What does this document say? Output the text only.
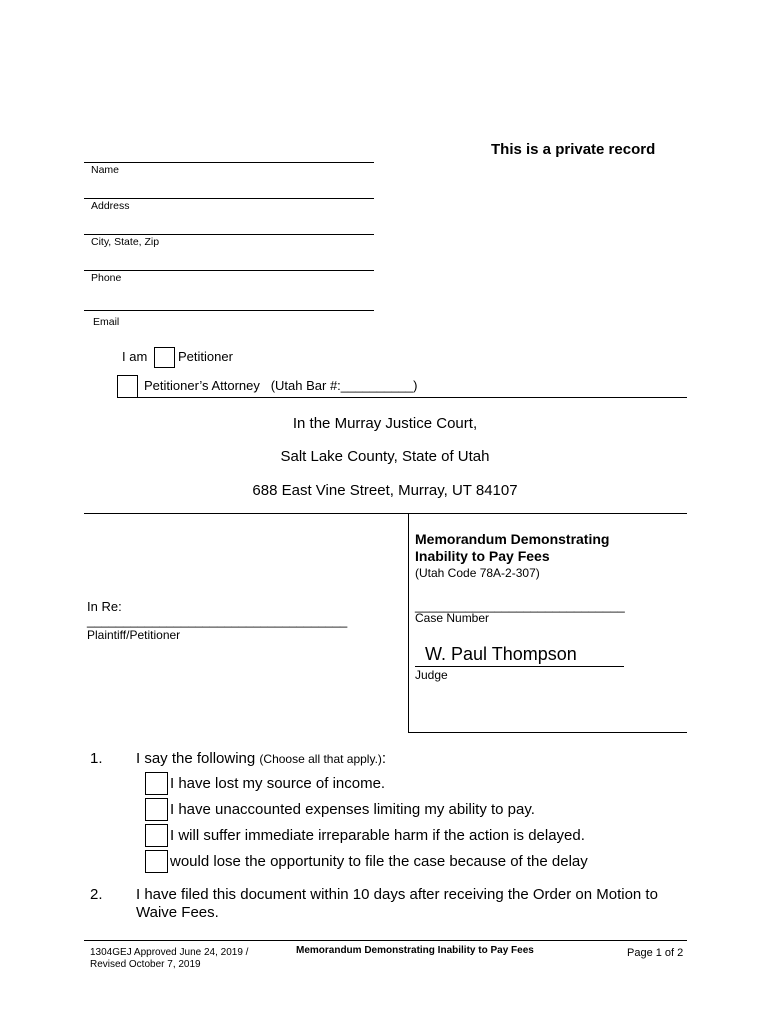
This is a private record
Name
Address
City, State, Zip
Phone
Email
I am Petitioner
Petitioner’s Attorney   (Utah Bar #:__________)
In the Murray Justice Court,
Salt Lake County, State of Utah
688 East Vine Street, Murray, UT 84107
In Re:
____________________________________
Plaintiff/Petitioner
Memorandum Demonstrating Inability to Pay Fees
(Utah Code 78A-2-307)
_____________________________
Case Number
W. Paul Thompson
Judge
1. I say the following (Choose all that apply.):
I have lost my source of income.
I have unaccounted expenses limiting my ability to pay.
I will suffer immediate irreparable harm if the action is delayed.
would lose the opportunity to file the case because of the delay
2. I have filed this document within 10 days after receiving the Order on Motion to
Waive Fees.
1304GEJ Approved June 24, 2019 /
Revised October 7, 2019
Memorandum Demonstrating Inability to Pay Fees	Page 1 of 2
